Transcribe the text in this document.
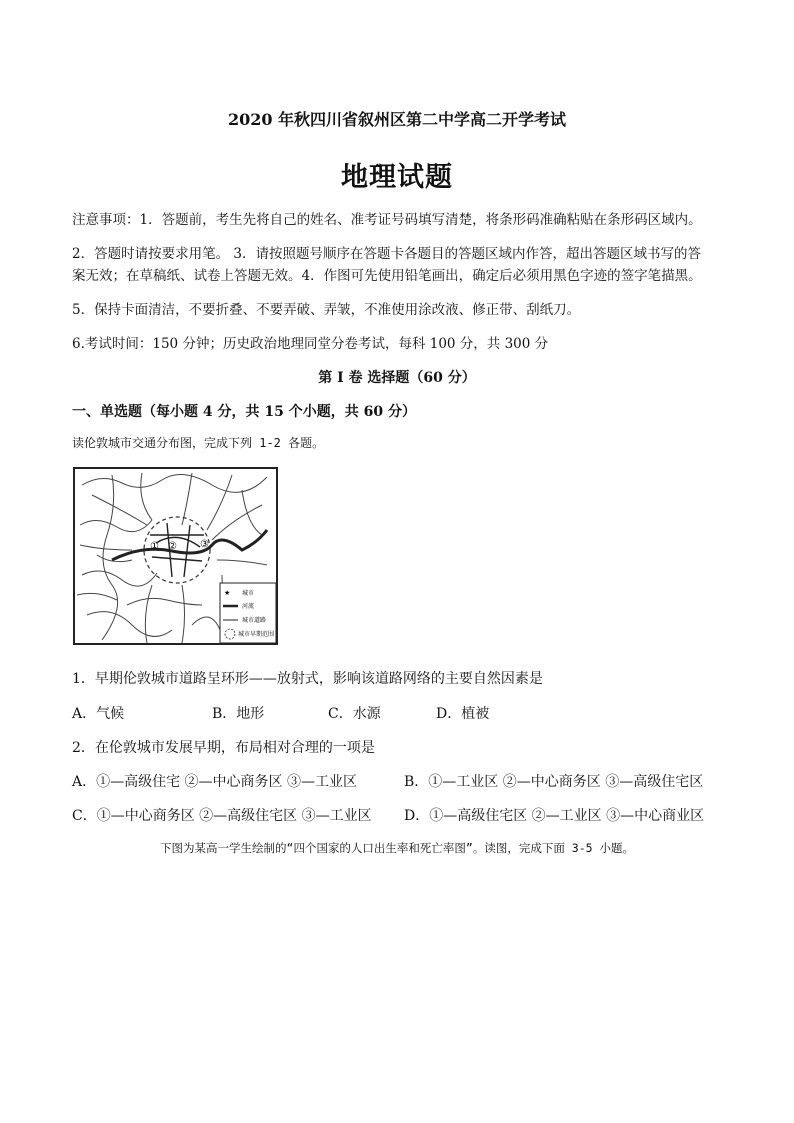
2020 年秋四川省叙州区第二中学高二开学考试
地理试题
注意事项：1．答题前，考生先将自己的姓名、准考证号码填写清楚，将条形码准确粘贴在条形码区域内。
2．答题时请按要求用笔。 3．请按照题号顺序在答题卡各题目的答题区域内作答，超出答题区域书写的答
案无效；在草稿纸、试卷上答题无效。4．作图可先使用铅笔画出，确定后必须用黑色字迹的签字笔描黑。
5．保持卡面清洁，不要折叠、不要弄破、弄皱，不准使用涂改液、修正带、刮纸刀。
6.考试时间：150 分钟；历史政治地理同堂分卷考试，每科 100 分，共 300 分
第 I 卷 选择题（60 分）
一、单选题（每小题 4 分，共 15 个小题，共 60 分）
读伦敦城市交通分布图，完成下列 1-2 各题。
① ② ③
★ 城市
河流
城市道路
城市早期范围
1．早期伦敦城市道路呈环形——放射式，影响该道路网络的主要自然因素是
A．气候	B．地形	C．水源	D．植被
2．在伦敦城市发展早期，布局相对合理的一项是
A．①—高级住宅 ②—中心商务区 ③—工业区	B．①—工业区 ②—中心商务区 ③—高级住宅区
C．①—中心商务区 ②—高级住宅区 ③—工业区 D．①—高级住宅区 ②—工业区 ③—中心商业区
下图为某高一学生绘制的“四个国家的人口出生率和死亡率图”。读图，完成下面 3-5 小题。
